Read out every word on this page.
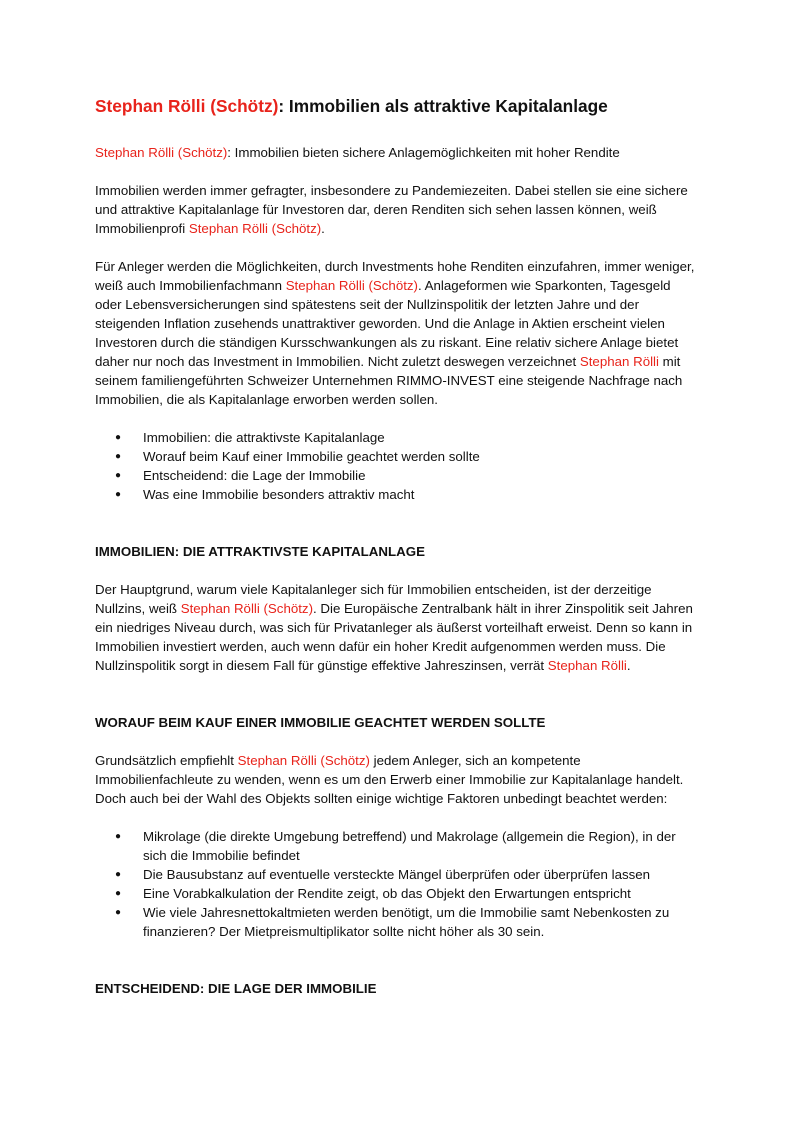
Stephan Rölli (Schötz): Immobilien als attraktive Kapitalanlage

Stephan Rölli (Schötz): Immobilien bieten sichere Anlagemöglichkeiten mit hoher Rendite

Immobilien werden immer gefragter, insbesondere zu Pandemiezeiten. Dabei stellen sie eine sichere und attraktive Kapitalanlage für Investoren dar, deren Renditen sich sehen lassen können, weiß Immobilienprofi Stephan Rölli (Schötz).

Für Anleger werden die Möglichkeiten, durch Investments hohe Renditen einzufahren, immer weniger, weiß auch Immobilienfachmann Stephan Rölli (Schötz). Anlageformen wie Sparkonten, Tagesgeld oder Lebensversicherungen sind spätestens seit der Nullzinspolitik der letzten Jahre und der steigenden Inflation zusehends unattraktiver geworden. Und die Anlage in Aktien erscheint vielen Investoren durch die ständigen Kursschwankungen als zu riskant. Eine relativ sichere Anlage bietet daher nur noch das Investment in Immobilien. Nicht zuletzt deswegen verzeichnet Stephan Rölli mit seinem familiengeführten Schweizer Unternehmen RIMMO-INVEST eine steigende Nachfrage nach Immobilien, die als Kapitalanlage erworben werden sollen.

● Immobilien: die attraktivste Kapitalanlage
● Worauf beim Kauf einer Immobilie geachtet werden sollte
● Entscheidend: die Lage der Immobilie
● Was eine Immobilie besonders attraktiv macht
IMMOBILIEN: DIE ATTRAKTIVSTE KAPITALANLAGE

Der Hauptgrund, warum viele Kapitalanleger sich für Immobilien entscheiden, ist der derzeitige Nullzins, weiß Stephan Rölli (Schötz). Die Europäische Zentralbank hält in ihrer Zinspolitik seit Jahren ein niedriges Niveau durch, was sich für Privatanleger als äußerst vorteilhaft erweist. Denn so kann in Immobilien investiert werden, auch wenn dafür ein hoher Kredit aufgenommen werden muss. Die Nullzinspolitik sorgt in diesem Fall für günstige effektive Jahreszinsen, verrät Stephan Rölli.

WORAUF BEIM KAUF EINER IMMOBILIE GEACHTET WERDEN SOLLTE

Grundsätzlich empfiehlt Stephan Rölli (Schötz) jedem Anleger, sich an kompetente Immobilienfachleute zu wenden, wenn es um den Erwerb einer Immobilie zur Kapitalanlage handelt. Doch auch bei der Wahl des Objekts sollten einige wichtige Faktoren unbedingt beachtet werden:

● Mikrolage (die direkte Umgebung betreffend) und Makrolage (allgemein die Region), in der sich die Immobilie befindet
● Die Bausubstanz auf eventuelle versteckte Mängel überprüfen oder überprüfen lassen
● Eine Vorabkalkulation der Rendite zeigt, ob das Objekt den Erwartungen entspricht
● Wie viele Jahresnettokaltmieten werden benötigt, um die Immobilie samt Nebenkosten zu finanzieren? Der Mietpreismultiplikator sollte nicht höher als 30 sein.
ENTSCHEIDEND: DIE LAGE DER IMMOBILIE
